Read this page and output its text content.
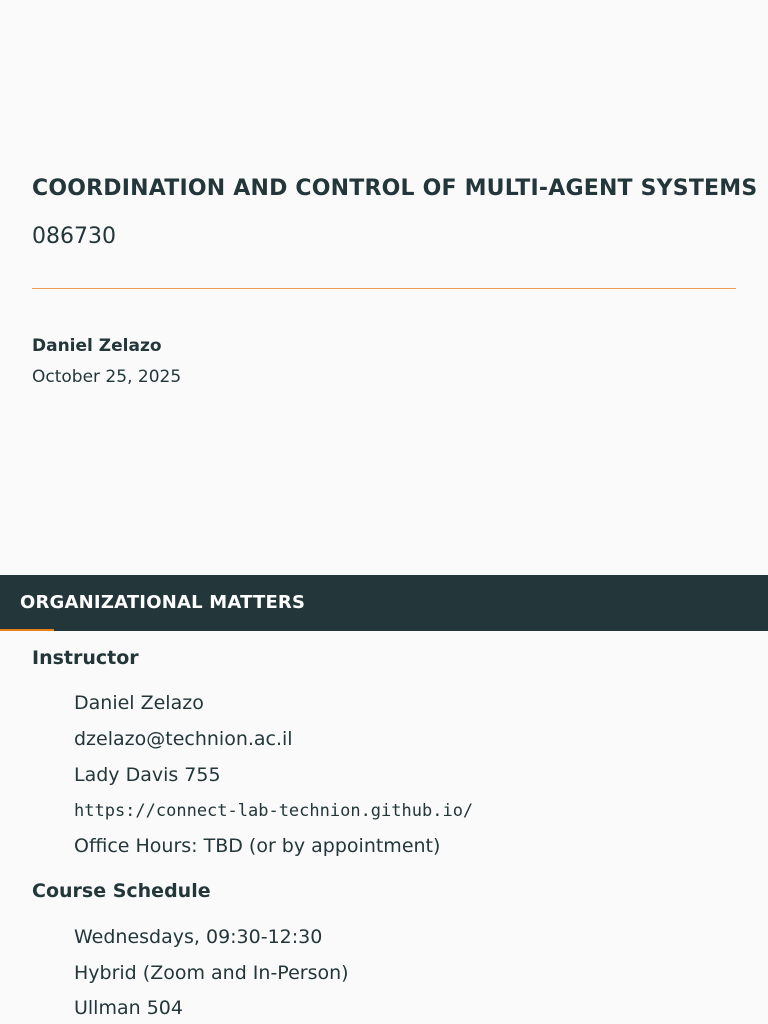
COORDINATION AND CONTROL OF MULTI-AGENT SYSTEMS
086730

Daniel Zelazo

October 25, 2025

ORGANIZATIONAL MATTERS
Instructor

Daniel Zelazo

dzelazo@technion.ac.il

Lady Davis 755

https://connect-lab-technion.github.io/

Office Hours: TBD (or by appointment)

Course Schedule

Wednesdays, 09:30-12:30

Hybrid (Zoom and In-Person)

Ullman 504
